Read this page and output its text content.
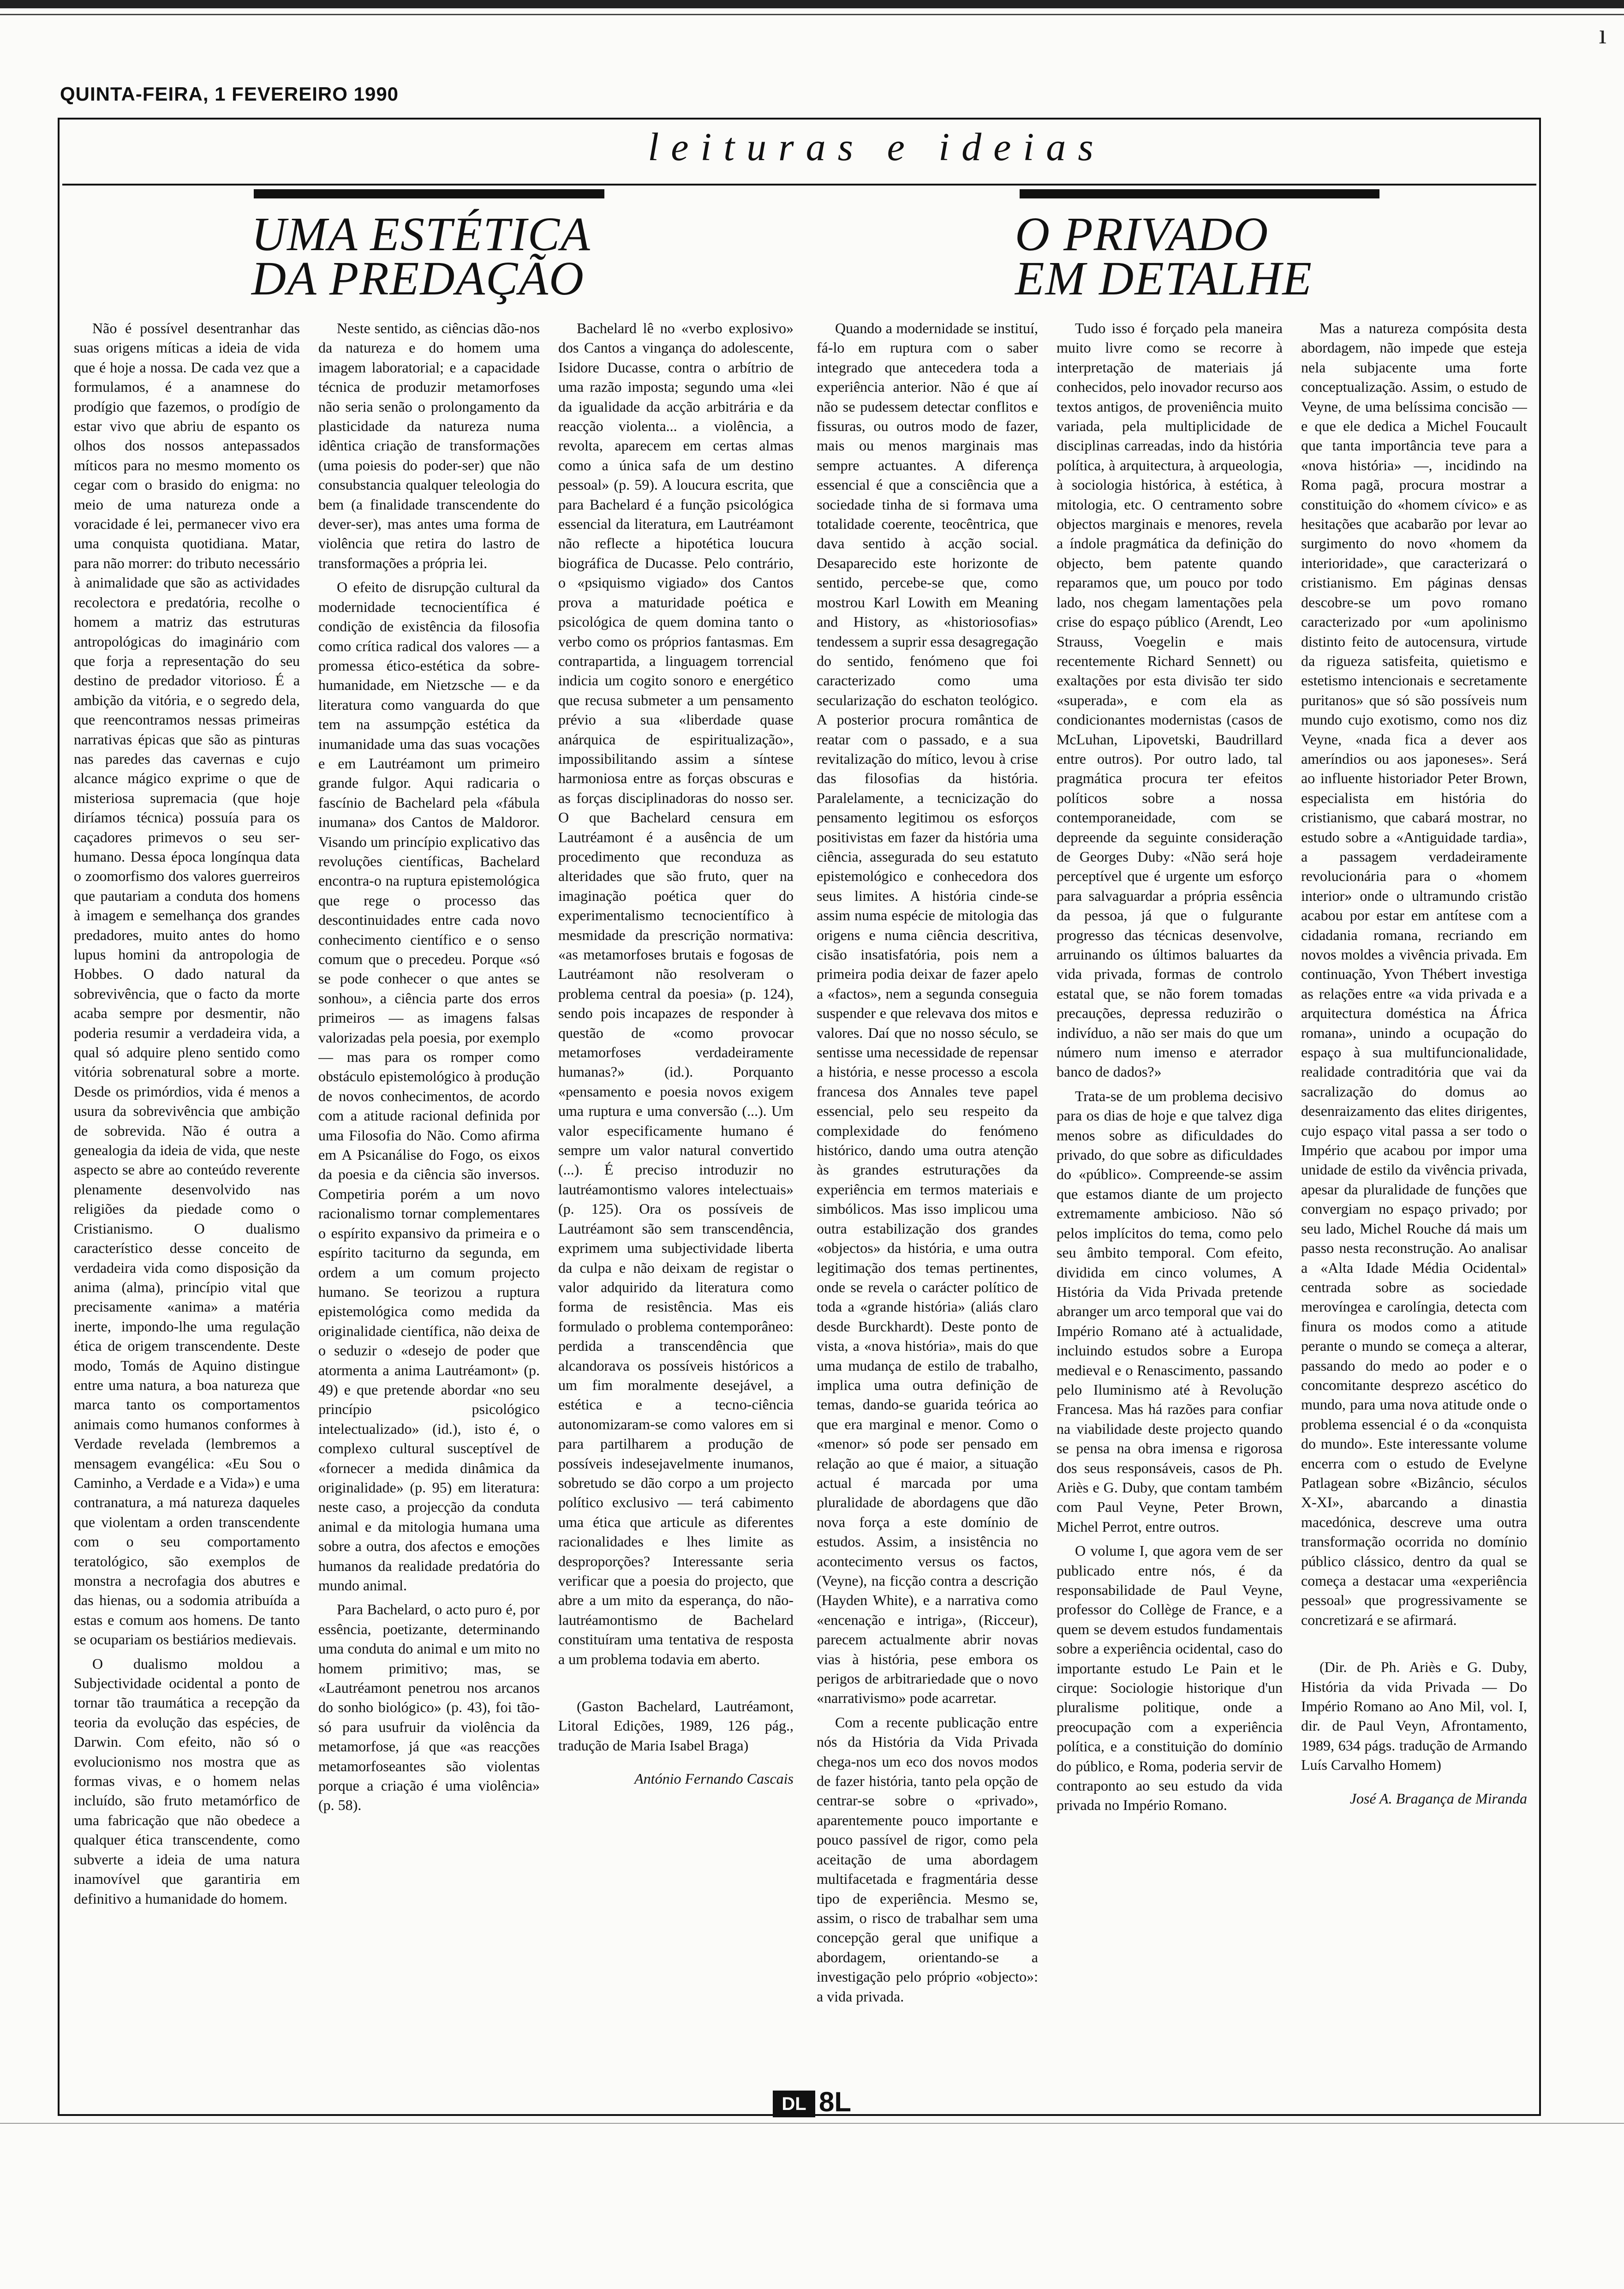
ı
QUINTA-FEIRA, 1 FEVEREIRO 1990
leituras e ideias
UMA ESTÉTICA
DA PREDAÇÃO

Não é possível desentranhar das suas origens míticas a ideia de vida que é hoje a nossa. De cada vez que a formulamos, é a anamnese do prodígio que fazemos, o prodígio de estar vivo que abriu de espanto os olhos dos nossos antepassados míticos para no mesmo momento os cegar com o brasido do enigma: no meio de uma natureza onde a voracidade é lei, permanecer vivo era uma conquista quotidiana. Matar, para não morrer: do tributo necessário à animalidade que são as actividades recolectora e predatória, recolhe o homem a matriz das estruturas antropológicas do imaginário com que forja a representação do seu destino de predador vitorioso. É a ambição da vitória, e o segredo dela, que reencontramos nessas primeiras narrativas épicas que são as pinturas nas paredes das cavernas e cujo alcance mágico exprime o que de misteriosa supremacia (que hoje diríamos técnica) possuía para os caçadores primevos o seu ser-humano. Dessa época longínqua data o zoomorfismo dos valores guerreiros que pautariam a conduta dos homens à imagem e semelhança dos grandes predadores, muito antes do homo lupus homini da antropologia de Hobbes. O dado natural da sobrevivência, que o facto da morte acaba sempre por desmentir, não poderia resumir a verdadeira vida, a qual só adquire pleno sentido como vitória sobrenatural sobre a morte. Desde os primórdios, vida é menos a usura da sobrevivência que ambição de sobrevida. Não é outra a genealogia da ideia de vida, que neste aspecto se abre ao conteúdo reverente plenamente desenvolvido nas religiões da piedade como o Cristianismo. O dualismo característico desse conceito de verdadeira vida como disposição da anima (alma), princípio vital que precisamente «anima» a matéria inerte, impondo-lhe uma regulação ética de origem transcendente. Deste modo, Tomás de Aquino distingue entre uma natura, a boa natureza que marca tanto os comportamentos animais como humanos conformes à Verdade revelada (lembremos a mensagem evangélica: «Eu Sou o Caminho, a Verdade e a Vida») e uma contranatura, a má natureza daqueles que violentam a orden transcendente com o seu comportamento teratológico, são exemplos de monstra a necrofagia dos abutres e das hienas, ou a sodomia atribuída a estas e comum aos homens. De tanto se ocupariam os bestiários medievais.

O dualismo moldou a Subjectividade ocidental a ponto de tornar tão traumática a recepção da teoria da evolução das espécies, de Darwin. Com efeito, não só o evolucionismo nos mostra que as formas vivas, e o homem nelas incluído, são fruto metamórfico de uma fabricação que não obedece a qualquer ética transcendente, como subverte a ideia de uma natura inamovível que garantiria em definitivo a humanidade do homem.

Neste sentido, as ciências dão-nos da natureza e do homem uma imagem laboratorial; e a capacidade técnica de produzir metamorfoses não seria senão o prolongamento da plasticidade da natureza numa idêntica criação de transformações (uma poiesis do poder-ser) que não consubstancia qualquer teleologia do bem (a finalidade transcendente do dever-ser), mas antes uma forma de violência que retira do lastro de transformações a própria lei.

O efeito de disrupção cultural da modernidade tecnocientífica é condição de existência da filosofia como crítica radical dos valores — a promessa ético-estética da sobre-humanidade, em Nietzsche — e da literatura como vanguarda do que tem na assumpção estética da inumanidade uma das suas vocações e em Lautréamont um primeiro grande fulgor. Aqui radicaria o fascínio de Bachelard pela «fábula inumana» dos Cantos de Maldoror. Visando um princípio explicativo das revoluções científicas, Bachelard encontra-o na ruptura epistemológica que rege o processo das descontinuidades entre cada novo conhecimento científico e o senso comum que o precedeu. Porque «só se pode conhecer o que antes se sonhou», a ciência parte dos erros primeiros — as imagens falsas valorizadas pela poesia, por exemplo — mas para os romper como obstáculo epistemológico à produção de novos conhecimentos, de acordo com a atitude racional definida por uma Filosofia do Não. Como afirma em A Psicanálise do Fogo, os eixos da poesia e da ciência são inversos. Competiria porém a um novo racionalismo tornar complementares o espírito expansivo da primeira e o espírito taciturno da segunda, em ordem a um comum projecto humano. Se teorizou a ruptura epistemológica como medida da originalidade científica, não deixa de o seduzir o «desejo de poder que atormenta a anima Lautréamont» (p. 49) e que pretende abordar «no seu princípio psicológico intelectualizado» (id.), isto é, o complexo cultural susceptível de «fornecer a medida dinâmica da originalidade» (p. 95) em literatura: neste caso, a projecção da conduta animal e da mitologia humana uma sobre a outra, dos afectos e emoções humanos da realidade predatória do mundo animal.

Para Bachelard, o acto puro é, por essência, poetizante, determinando uma conduta do animal e um mito no homem primitivo; mas, se «Lautréamont penetrou nos arcanos do sonho biológico» (p. 43), foi tão-só para usufruir da violência da metamorfose, já que «as reacções metamorfoseantes são violentas porque a criação é uma violência» (p. 58).

Bachelard lê no «verbo explosivo» dos Cantos a vingança do adolescente, Isidore Ducasse, contra o arbítrio de uma razão imposta; segundo uma «lei da igualidade da acção arbitrária e da reacção violenta... a violência, a revolta, aparecem em certas almas como a única safa de um destino pessoal» (p. 59). A loucura escrita, que para Bachelard é a função psicológica essencial da literatura, em Lautréamont não reflecte a hipotética loucura biográfica de Ducasse. Pelo contrário, o «psiquismo vigiado» dos Cantos prova a maturidade poética e psicológica de quem domina tanto o verbo como os próprios fantasmas. Em contrapartida, a linguagem torrencial indicia um cogito sonoro e energético que recusa submeter a um pensamento prévio a sua «liberdade quase anárquica de espiritualização», impossibilitando assim a síntese harmoniosa entre as forças obscuras e as forças disciplinadoras do nosso ser. O que Bachelard censura em Lautréamont é a ausência de um procedimento que reconduza as alteridades que são fruto, quer na imaginação poética quer do experimentalismo tecnocientífico à mesmidade da prescrição normativa: «as metamorfoses brutais e fogosas de Lautréamont não resolveram o problema central da poesia» (p. 124), sendo pois incapazes de responder à questão de «como provocar metamorfoses verdadeiramente humanas?» (id.). Porquanto «pensamento e poesia novos exigem uma ruptura e uma conversão (...). Um valor especificamente humano é sempre um valor natural convertido (...). É preciso introduzir no lautréamontismo valores intelectuais» (p. 125). Ora os possíveis de Lautréamont são sem transcendência, exprimem uma subjectividade liberta da culpa e não deixam de registar o valor adquirido da literatura como forma de resistência. Mas eis formulado o problema contemporâneo: perdida a transcendência que alcandorava os possíveis históricos a um fim moralmente desejável, a estética e a tecno-ciência autonomizaram-se como valores em si para partilharem a produção de possíveis indesejavelmente inumanos, sobretudo se dão corpo a um projecto político exclusivo — terá cabimento uma ética que articule as diferentes racionalidades e lhes limite as desproporções? Interessante seria verificar que a poesia do projecto, que abre a um mito da esperança, do não-lautréamontismo de Bachelard constituíram uma tentativa de resposta a um problema todavia em aberto.

(Gaston Bachelard, Lautréamont, Litoral Edições, 1989, 126 pág., tradução de Maria Isabel Braga)

António Fernando Cascais

O PRIVADO
EM DETALHE

Quando a modernidade se instituí, fá-lo em ruptura com o saber integrado que antecedera toda a experiência anterior. Não é que aí não se pudessem detectar conflitos e fissuras, ou outros modo de fazer, mais ou menos marginais mas sempre actuantes. A diferença essencial é que a consciência que a sociedade tinha de si formava uma totalidade coerente, teocêntrica, que dava sentido à acção social. Desaparecido este horizonte de sentido, percebe-se que, como mostrou Karl Lowith em Meaning and History, as «historiosofias» tendessem a suprir essa desagregação do sentido, fenómeno que foi caracterizado como uma secularização do eschaton teológico. A posterior procura romântica de reatar com o passado, e a sua revitalização do mítico, levou à crise das filosofias da história. Paralelamente, a tecnicização do pensamento legitimou os esforços positivistas em fazer da história uma ciência, assegurada do seu estatuto epistemológico e conhecedora dos seus limites. A história cinde-se assim numa espécie de mitologia das origens e numa ciência descritiva, cisão insatisfatória, pois nem a primeira podia deixar de fazer apelo a «factos», nem a segunda conseguia suspender e que relevava dos mitos e valores. Daí que no nosso século, se sentisse uma necessidade de repensar a história, e nesse processo a escola francesa dos Annales teve papel essencial, pelo seu respeito da complexidade do fenómeno histórico, dando uma outra atenção às grandes estruturações da experiência em termos materiais e simbólicos. Mas isso implicou uma outra estabilização dos grandes «objectos» da história, e uma outra legitimação dos temas pertinentes, onde se revela o carácter político de toda a «grande história» (aliás claro desde Burckhardt). Deste ponto de vista, a «nova história», mais do que uma mudança de estilo de trabalho, implica uma outra definição de temas, dando-se guarida teórica ao que era marginal e menor. Como o «menor» só pode ser pensado em relação ao que é maior, a situação actual é marcada por uma pluralidade de abordagens que dão nova força a este domínio de estudos. Assim, a insistência no acontecimento versus os factos, (Veyne), na ficção contra a descrição (Hayden White), e a narrativa como «encenação e intriga», (Ricceur), parecem actualmente abrir novas vias à história, pese embora os perigos de arbitrariedade que o novo «narrativismo» pode acarretar.

Com a recente publicação entre nós da História da Vida Privada chega-nos um eco dos novos modos de fazer história, tanto pela opção de centrar-se sobre o «privado», aparentemente pouco importante e pouco passível de rigor, como pela aceitação de uma abordagem multifacetada e fragmentária desse tipo de experiência. Mesmo se, assim, o risco de trabalhar sem uma concepção geral que unifique a abordagem, orientando-se a investigação pelo próprio «objecto»: a vida privada.

Tudo isso é forçado pela maneira muito livre como se recorre à interpretação de materiais já conhecidos, pelo inovador recurso aos textos antigos, de proveniência muito variada, pela multiplicidade de disciplinas carreadas, indo da história política, à arquitectura, à arqueologia, à sociologia histórica, à estética, à mitologia, etc. O centramento sobre objectos marginais e menores, revela a índole pragmática da definição do objecto, bem patente quando reparamos que, um pouco por todo lado, nos chegam lamentações pela crise do espaço público (Arendt, Leo Strauss, Voegelin e mais recentemente Richard Sennett) ou exaltações por esta divisão ter sido «superada», e com ela as condicionantes modernistas (casos de McLuhan, Lipovetski, Baudrillard entre outros). Por outro lado, tal pragmática procura ter efeitos políticos sobre a nossa contemporaneidade, com se depreende da seguinte consideração de Georges Duby: «Não será hoje perceptível que é urgente um esforço para salvaguardar a própria essência da pessoa, já que o fulgurante progresso das técnicas desenvolve, arruinando os últimos baluartes da vida privada, formas de controlo estatal que, se não forem tomadas precauções, depressa reduzirão o indivíduo, a não ser mais do que um número num imenso e aterrador banco de dados?»

Trata-se de um problema decisivo para os dias de hoje e que talvez diga menos sobre as dificuldades do privado, do que sobre as dificuldades do «público». Compreende-se assim que estamos diante de um projecto extremamente ambicioso. Não só pelos implícitos do tema, como pelo seu âmbito temporal. Com efeito, dividida em cinco volumes, A História da Vida Privada pretende abranger um arco temporal que vai do Império Romano até à actualidade, incluindo estudos sobre a Europa medieval e o Renascimento, passando pelo Iluminismo até à Revolução Francesa. Mas há razões para confiar na viabilidade deste projecto quando se pensa na obra imensa e rigorosa dos seus responsáveis, casos de Ph. Ariès e G. Duby, que contam também com Paul Veyne, Peter Brown, Michel Perrot, entre outros.

O volume I, que agora vem de ser publicado entre nós, é da responsabilidade de Paul Veyne, professor do Collège de France, e a quem se devem estudos fundamentais sobre a experiência ocidental, caso do importante estudo Le Pain et le cirque: Sociologie historique d'un pluralisme politique, onde a preocupação com a experiência política, e a constituição do domínio do público, e Roma, poderia servir de contraponto ao seu estudo da vida privada no Império Romano.

Mas a natureza compósita desta abordagem, não impede que esteja nela subjacente uma forte conceptualização. Assim, o estudo de Veyne, de uma belíssima concisão — e que ele dedica a Michel Foucault que tanta importância teve para a «nova história» —, incidindo na Roma pagã, procura mostrar a constituição do «homem cívico» e as hesitações que acabarão por levar ao surgimento do novo «homem da interioridade», que caracterizará o cristianismo. Em páginas densas descobre-se um povo romano caracterizado por «um apolinismo distinto feito de autocensura, virtude da rigueza satisfeita, quietismo e estetismo intencionais e secretamente puritanos» que só são possíveis num mundo cujo exotismo, como nos diz Veyne, «nada fica a dever aos ameríndios ou aos japoneses». Será ao influente historiador Peter Brown, especialista em história do cristianismo, que cabará mostrar, no estudo sobre a «Antiguidade tardia», a passagem verdadeiramente revolucionária para o «homem interior» onde o ultramundo cristão acabou por estar em antítese com a cidadania romana, recriando em novos moldes a vivência privada. Em continuação, Yvon Thébert investiga as relações entre «a vida privada e a arquitectura doméstica na África romana», unindo a ocupação do espaço à sua multifuncionalidade, realidade contraditória que vai da sacralização do domus ao desenraizamento das elites dirigentes, cujo espaço vital passa a ser todo o Império que acabou por impor uma unidade de estilo da vivência privada, apesar da pluralidade de funções que convergiam no espaço privado; por seu lado, Michel Rouche dá mais um passo nesta reconstrução. Ao analisar a «Alta Idade Média Ocidental» centrada sobre as sociedade merovíngea e carolíngia, detecta com finura os modos como a atitude perante o mundo se começa a alterar, passando do medo ao poder e o concomitante desprezo ascético do mundo, para uma nova atitude onde o problema essencial é o da «conquista do mundo». Este interessante volume encerra com o estudo de Evelyne Patlagean sobre «Bizâncio, séculos X-XI», abarcando a dinastia macedónica, descreve uma outra transformação ocorrida no domínio público clássico, dentro da qual se começa a destacar uma «experiência pessoal» que progressivamente se concretizará e se afirmará.

(Dir. de Ph. Ariès e G. Duby, História da vida Privada — Do Império Romano ao Ano Mil, vol. I, dir. de Paul Veyn, Afrontamento, 1989, 634 págs. tradução de Armando Luís Carvalho Homem)

José A. Bragança de Miranda

DL 8L
